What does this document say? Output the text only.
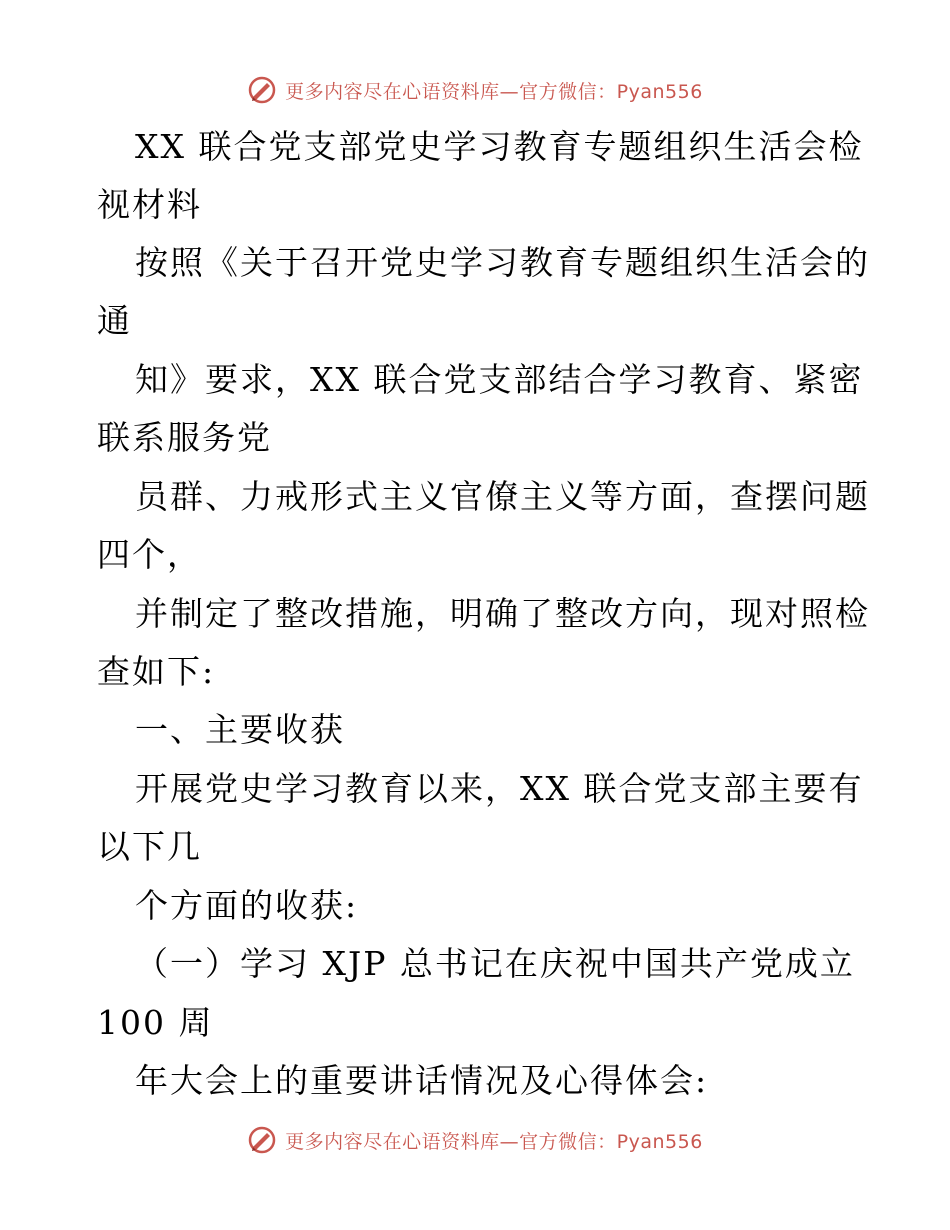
更多内容尽在心语资料库—官方微信：Pyan556
XX 联合党支部党史学习教育专题组织生活会检
视材料
按照《关于召开党史学习教育专题组织生活会的
通
知》要求，XX 联合党支部结合学习教育、紧密
联系服务党
员群、力戒形式主义官僚主义等方面，查摆问题
四个，
并制定了整改措施，明确了整改方向，现对照检
查如下:
一、主要收获
开展党史学习教育以来，XX 联合党支部主要有
以下几
个方面的收获:
（一）学习 XJP 总书记在庆祝中国共产党成立
100 周
年大会上的重要讲话情况及心得体会:
更多内容尽在心语资料库—官方微信：Pyan556
